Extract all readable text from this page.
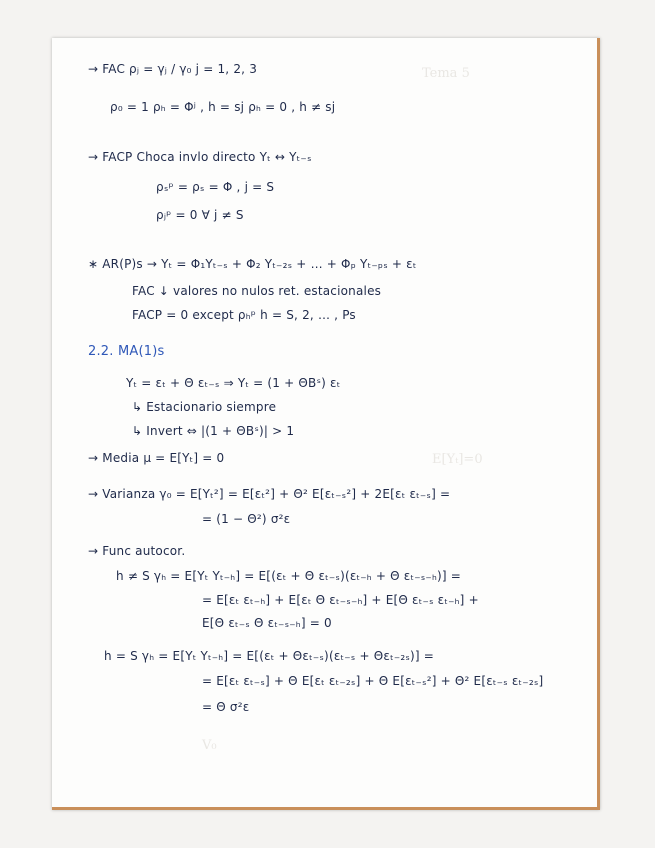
Tema 5
E[Yₜ]=0
V₀
→ FAC ρⱼ = γⱼ / γ₀ j = 1, 2, 3
ρ₀ = 1 ρₕ = Φʲ , h = sj ρₕ = 0 , h ≠ sj
→ FACP Choca invlo directo Yₜ ↔ Yₜ₋ₛ
ρₛᵖ = ρₛ = Φ , j = S
ρⱼᵖ = 0 ∀ j ≠ S
∗ AR(P)s → Yₜ = Φ₁Yₜ₋ₛ + Φ₂ Yₜ₋₂ₛ + … + Φₚ Yₜ₋ₚₛ + εₜ
FAC ↓ valores no nulos ret. estacionales
FACP = 0 except ρₕᵖ h = S, 2, … , Ps
2.2. MA(1)s
Yₜ = εₜ + Θ εₜ₋ₛ ⇒ Yₜ = (1 + ΘBˢ) εₜ
↳ Estacionario siempre
↳ Invert ⇔ |(1 + ΘBˢ)| > 1
→ Media μ = E[Yₜ] = 0
→ Varianza γ₀ = E[Yₜ²] = E[εₜ²] + Θ² E[εₜ₋ₛ²] + 2E[εₜ εₜ₋ₛ] =
= (1 − Θ²) σ²ε
→ Func autocor.
h ≠ S γₕ = E[Yₜ Yₜ₋ₕ] = E[(εₜ + Θ εₜ₋ₛ)(εₜ₋ₕ + Θ εₜ₋ₛ₋ₕ)] =
= E[εₜ εₜ₋ₕ] + E[εₜ Θ εₜ₋ₛ₋ₕ] + E[Θ εₜ₋ₛ εₜ₋ₕ] +
E[Θ εₜ₋ₛ Θ εₜ₋ₛ₋ₕ] = 0
h = S γₕ = E[Yₜ Yₜ₋ₕ] = E[(εₜ + Θεₜ₋ₛ)(εₜ₋ₛ + Θεₜ₋₂ₛ)] =
= E[εₜ εₜ₋ₛ] + Θ E[εₜ εₜ₋₂ₛ] + Θ E[εₜ₋ₛ²] + Θ² E[εₜ₋ₛ εₜ₋₂ₛ]
= Θ σ²ε
